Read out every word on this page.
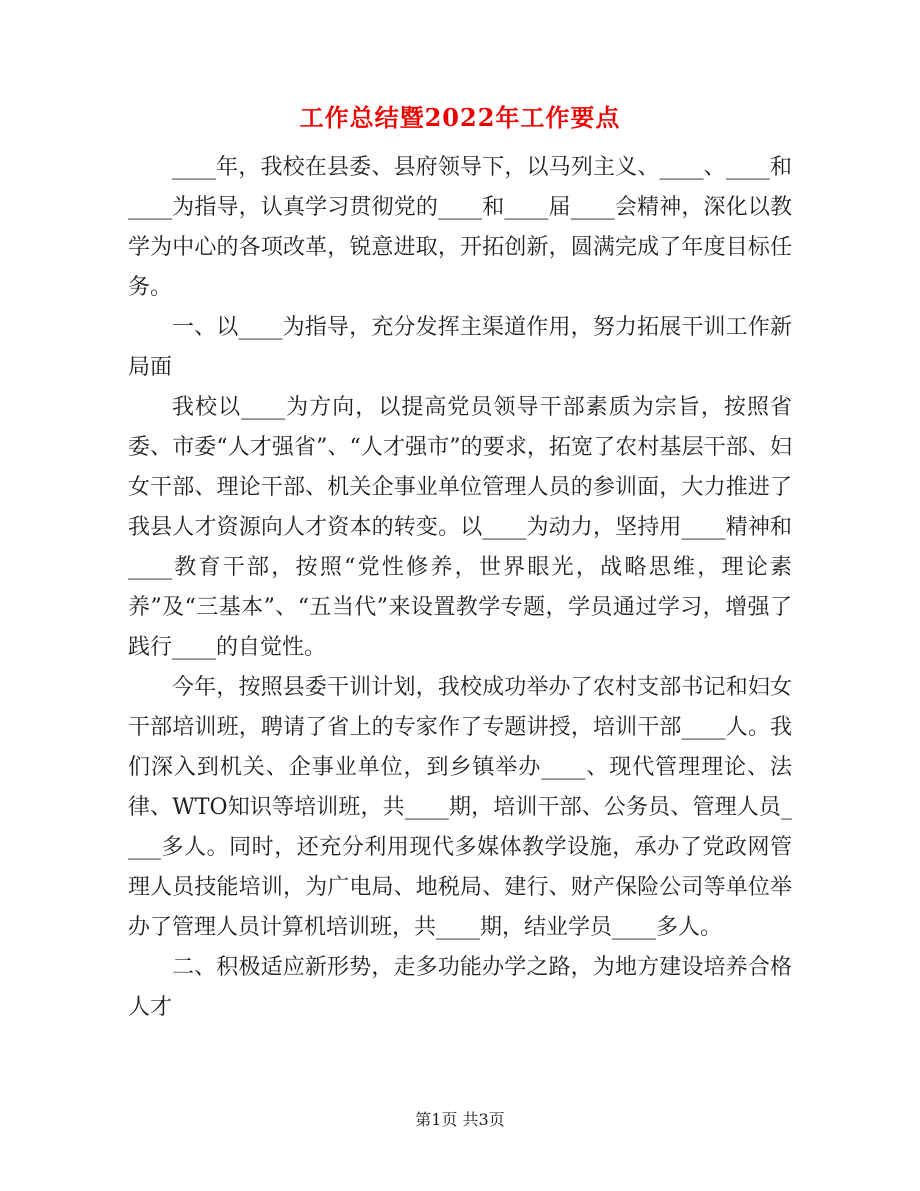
工作总结暨2022年工作要点

____年，我校在县委、县府领导下，以马列主义、____、____和____为指导，认真学习贯彻党的____和____届____会精神，深化以教学为中心的各项改革，锐意进取，开拓创新，圆满完成了年度目标任务。

一、以____为指导，充分发挥主渠道作用，努力拓展干训工作新局面

我校以____为方向，以提高党员领导干部素质为宗旨，按照省委、市委“人才强省”、“人才强市”的要求，拓宽了农村基层干部、妇女干部、理论干部、机关企事业单位管理人员的参训面，大力推进了我县人才资源向人才资本的转变。以____为动力，坚持用____精神和____教育干部，按照“党性修养，世界眼光，战略思维，理论素养”及“三基本”、“五当代”来设置教学专题，学员通过学习，增强了践行____的自觉性。

今年，按照县委干训计划，我校成功举办了农村支部书记和妇女干部培训班，聘请了省上的专家作了专题讲授，培训干部____人。我们深入到机关、企事业单位，到乡镇举办____、现代管理理论、法律、WTO知识等培训班，共____期，培训干部、公务员、管理人员____多人。同时，还充分利用现代多媒体教学设施，承办了党政网管理人员技能培训，为广电局、地税局、建行、财产保险公司等单位举办了管理人员计算机培训班，共____期，结业学员____多人。

二、积极适应新形势，走多功能办学之路，为地方建设培养合格人才

第1页 共3页
